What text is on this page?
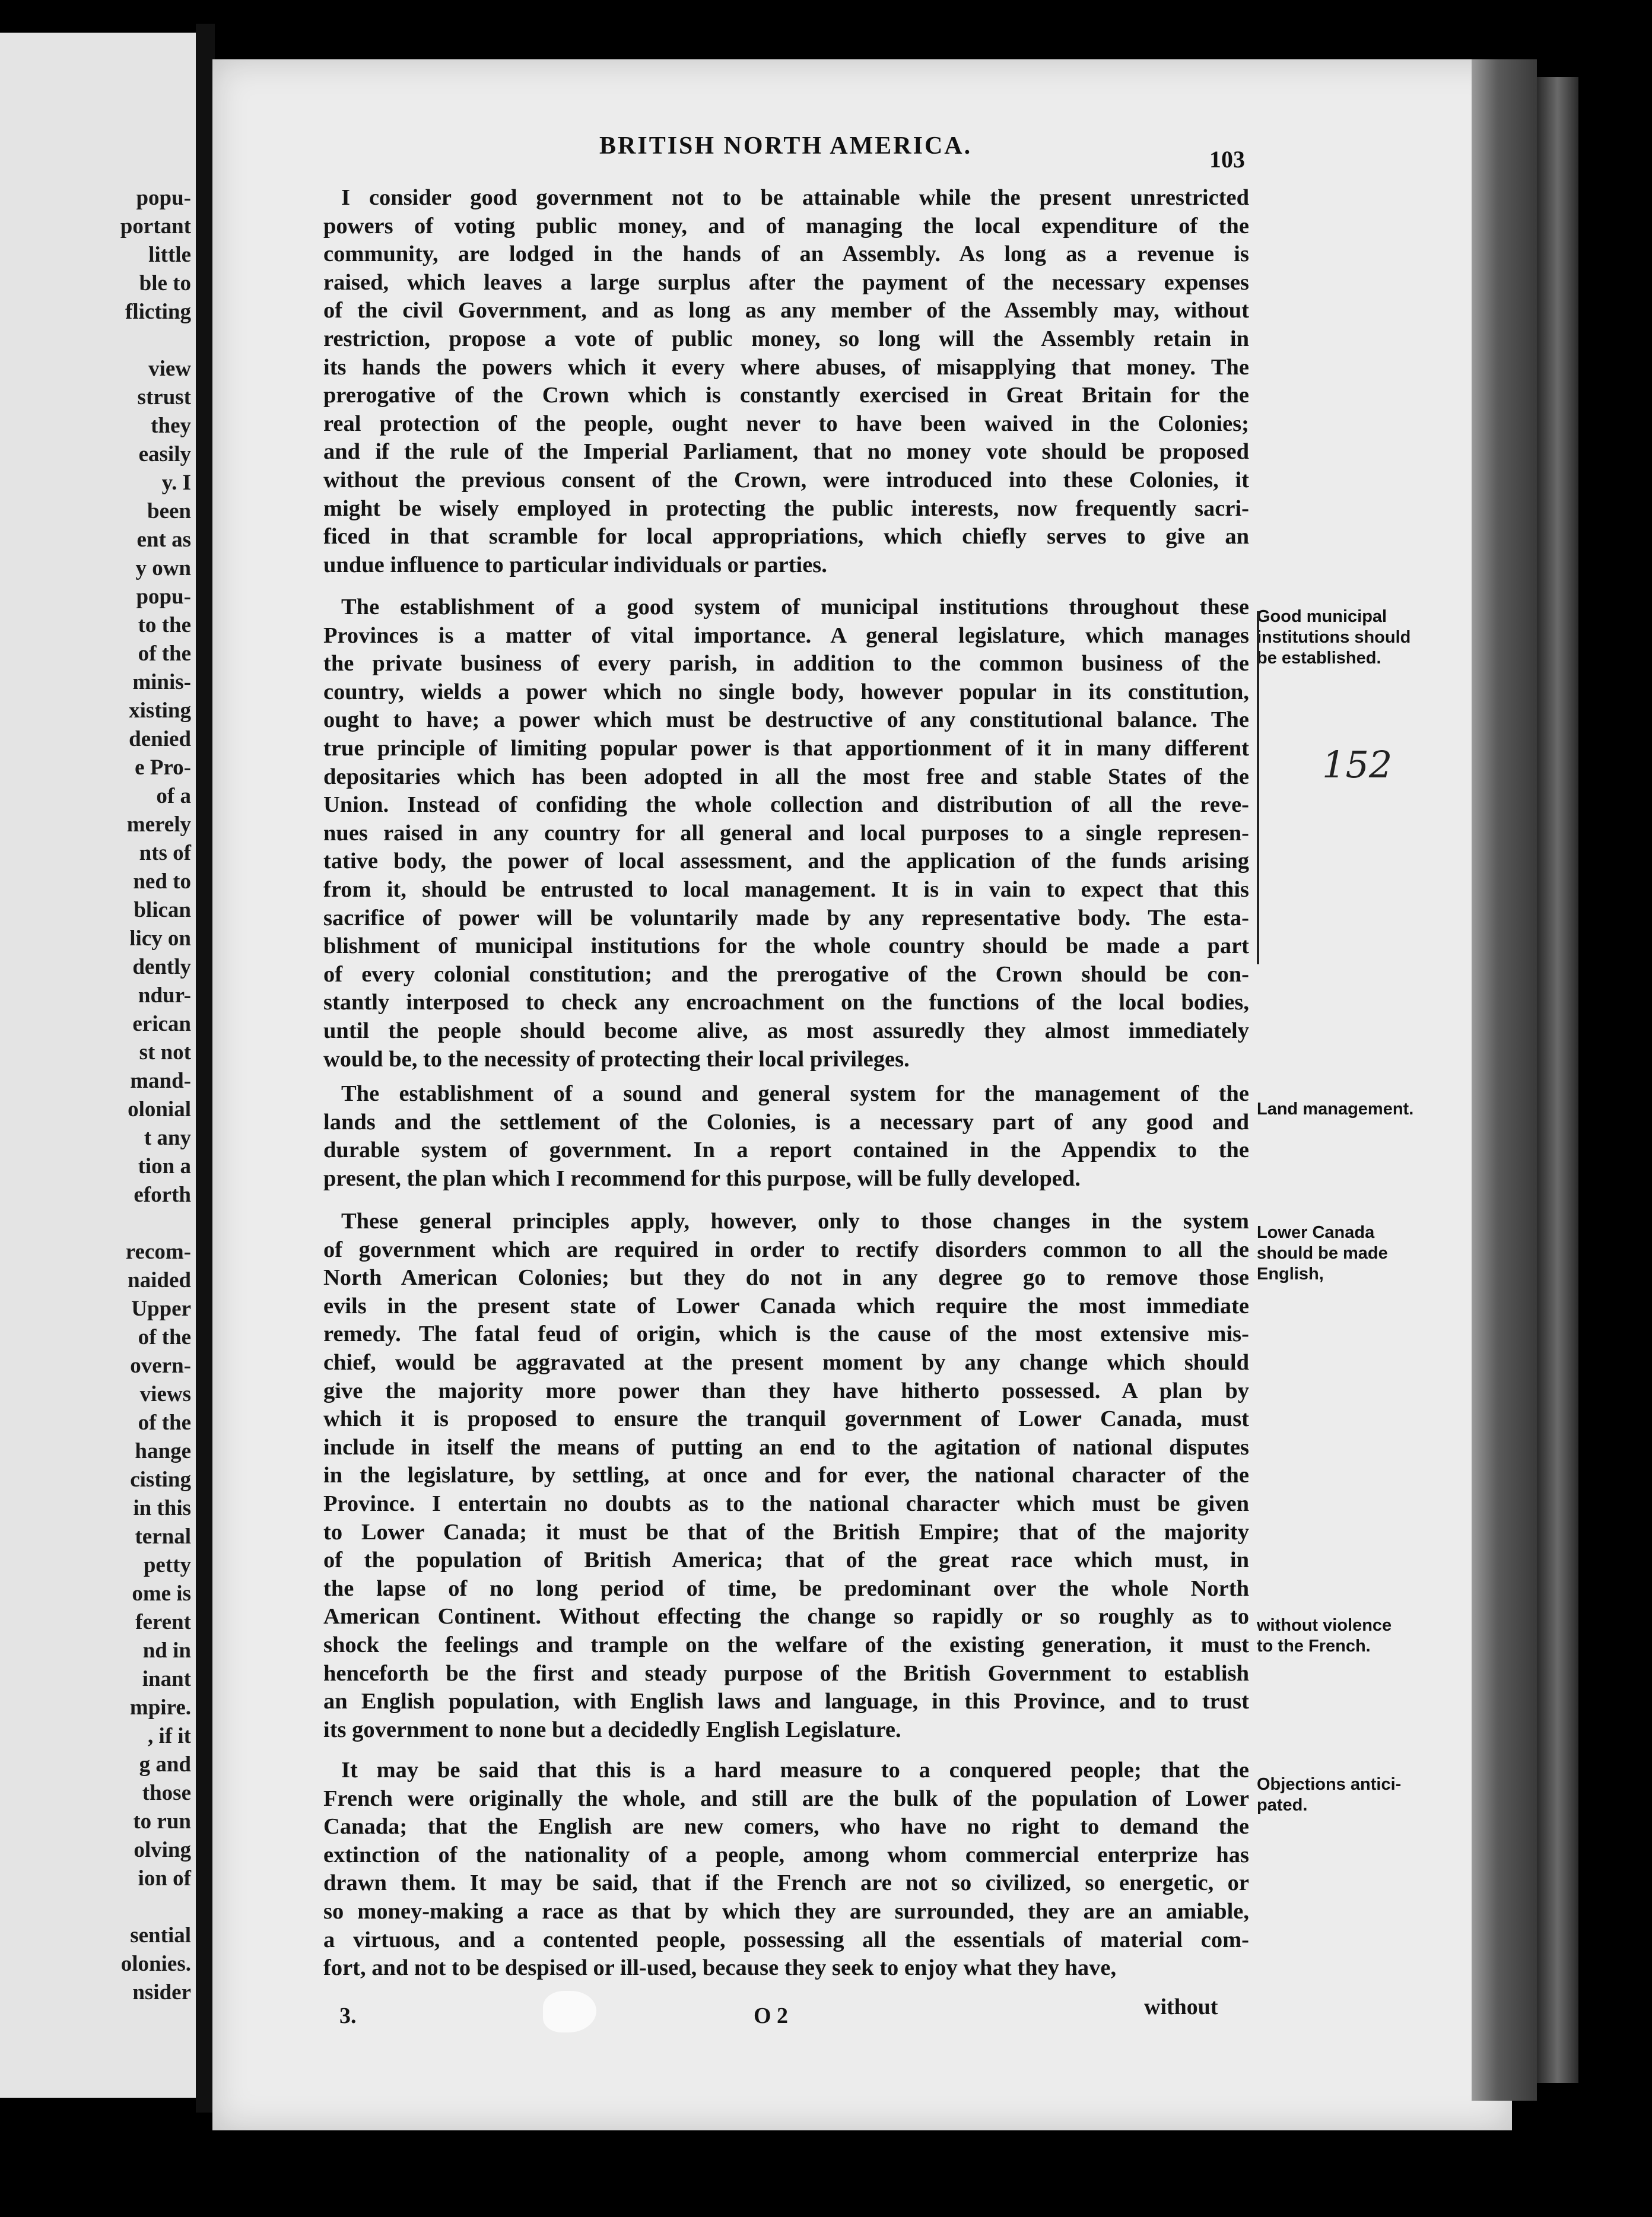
popu-
portant
little
ble to
flicting
view
strust
they
easily
y. I
been
ent as
y own
popu-
to the
of the
minis-
xisting
denied
e Pro-
of a
merely
nts of
ned to
blican
licy on
dently
ndur-
erican
st not
mand-
olonial
t any
tion a
eforth
recom-
naided
Upper
of the
overn-
views
of the
hange
cisting
in this
ternal
petty
ome is
ferent
nd in
inant
mpire.
, if it
g and
those
to run
olving
ion of
sential
olonies.
nsider
BRITISH NORTH AMERICA.	103
I consider good government not to be attainable while the present unrestricted
powers of voting public money, and of managing the local expenditure of the
community, are lodged in the hands of an Assembly. As long as a revenue is
raised, which leaves a large surplus after the payment of the necessary expenses
of the civil Government, and as long as any member of the Assembly may, without
restriction, propose a vote of public money, so long will the Assembly retain in
its hands the powers which it every where abuses, of misapplying that money. The
prerogative of the Crown which is constantly exercised in Great Britain for the
real protection of the people, ought never to have been waived in the Colonies;
and if the rule of the Imperial Parliament, that no money vote should be proposed
without the previous consent of the Crown, were introduced into these Colonies, it
might be wisely employed in protecting the public interests, now frequently sacri-
ficed in that scramble for local appropriations, which chiefly serves to give an
undue influence to particular individuals or parties.
The establishment of a good system of municipal institutions throughout these
Provinces is a matter of vital importance. A general legislature, which manages
the private business of every parish, in addition to the common business of the
country, wields a power which no single body, however popular in its constitution,
ought to have; a power which must be destructive of any constitutional balance. The
true principle of limiting popular power is that apportionment of it in many different
depositaries which has been adopted in all the most free and stable States of the
Union. Instead of confiding the whole collection and distribution of all the reve-
nues raised in any country for all general and local purposes to a single represen-
tative body, the power of local assessment, and the application of the funds arising
from it, should be entrusted to local management. It is in vain to expect that this
sacrifice of power will be voluntarily made by any representative body. The esta-
blishment of municipal institutions for the whole country should be made a part
of every colonial constitution; and the prerogative of the Crown should be con-
stantly interposed to check any encroachment on the functions of the local bodies,
until the people should become alive, as most assuredly they almost immediately
would be, to the necessity of protecting their local privileges.
The establishment of a sound and general system for the management of the
lands and the settlement of the Colonies, is a necessary part of any good and
durable system of government. In a report contained in the Appendix to the
present, the plan which I recommend for this purpose, will be fully developed.
These general principles apply, however, only to those changes in the system
of government which are required in order to rectify disorders common to all the
North American Colonies; but they do not in any degree go to remove those
evils in the present state of Lower Canada which require the most immediate
remedy. The fatal feud of origin, which is the cause of the most extensive mis-
chief, would be aggravated at the present moment by any change which should
give the majority more power than they have hitherto possessed. A plan by
which it is proposed to ensure the tranquil government of Lower Canada, must
include in itself the means of putting an end to the agitation of national disputes
in the legislature, by settling, at once and for ever, the national character of the
Province. I entertain no doubts as to the national character which must be given
to Lower Canada; it must be that of the British Empire; that of the majority
of the population of British America; that of the great race which must, in
the lapse of no long period of time, be predominant over the whole North
American Continent. Without effecting the change so rapidly or so roughly as to
shock the feelings and trample on the welfare of the existing generation, it must
henceforth be the first and steady purpose of the British Government to establish
an English population, with English laws and language, in this Province, and to trust
its government to none but a decidedly English Legislature.
It may be said that this is a hard measure to a conquered people; that the
French were originally the whole, and still are the bulk of the population of Lower
Canada; that the English are new comers, who have no right to demand the
extinction of the nationality of a people, among whom commercial enterprize has
drawn them. It may be said, that if the French are not so civilized, so energetic, or
so money-making a race as that by which they are surrounded, they are an amiable,
a virtuous, and a contented people, possessing all the essentials of material com-
fort, and not to be despised or ill-used, because they seek to enjoy what they have,
Good municipal
institutions should
be established.
Land management.
Lower Canada
should be made
English,
without violence
to the French.
Objections antici-
pated.
152
3.	O 2	without
